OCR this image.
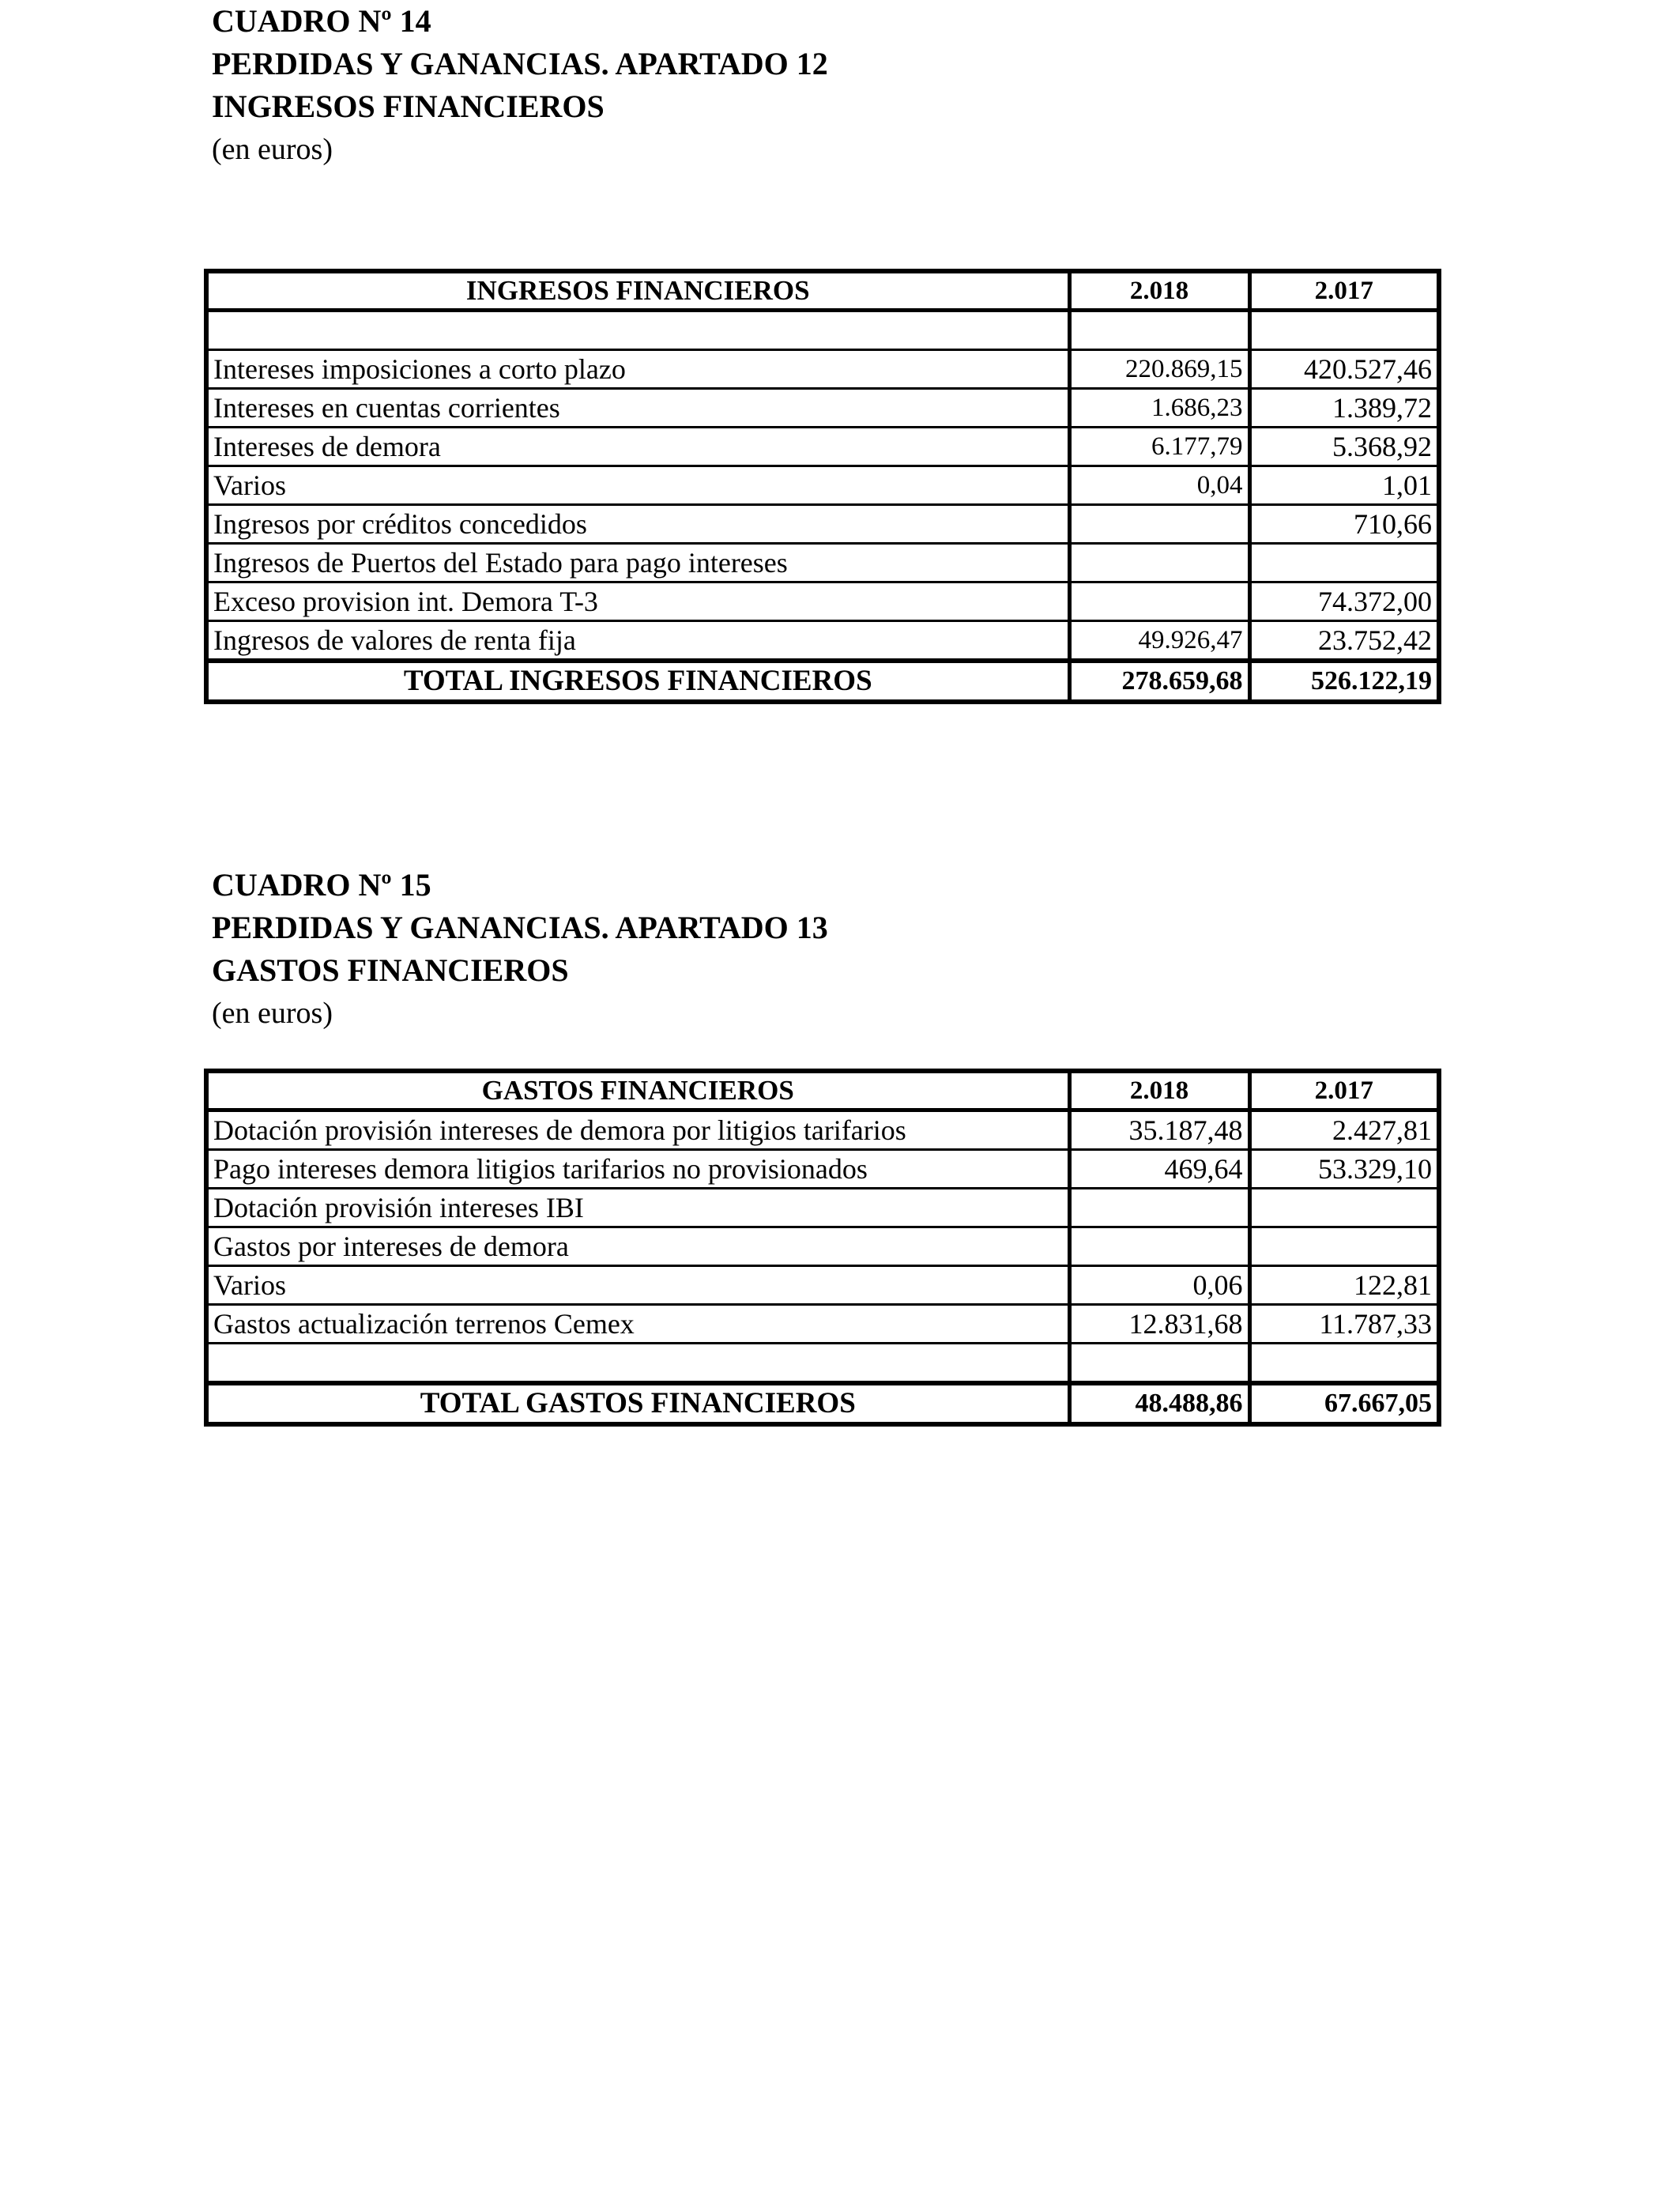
CUADRO Nº 14
PERDIDAS Y GANANCIAS. APARTADO 12
INGRESOS FINANCIEROS
(en euros)
INGRESOS FINANCIEROS	2.018	2.017

Intereses imposiciones a corto plazo	220.869,15	420.527,46
Intereses en cuentas corrientes	1.686,23	1.389,72
Intereses de demora	6.177,79	5.368,92
Varios	0,04	1,01
Ingresos por créditos concedidos		710,66
Ingresos de Puertos del Estado para pago intereses		
Exceso provision int. Demora T-3		74.372,00
Ingresos de valores de renta fija	49.926,47	23.752,42
TOTAL INGRESOS FINANCIEROS	278.659,68	526.122,19
CUADRO Nº 15
PERDIDAS Y GANANCIAS. APARTADO 13
GASTOS FINANCIEROS
(en euros)
GASTOS FINANCIEROS	2.018	2.017
Dotación provisión intereses de demora por litigios tarifarios	35.187,48	2.427,81
Pago intereses demora litigios tarifarios no provisionados	469,64	53.329,10
Dotación provisión intereses IBI		
Gastos por intereses de demora		
Varios	0,06	122,81
Gastos actualización terrenos Cemex	12.831,68	11.787,33

TOTAL GASTOS FINANCIEROS	48.488,86	67.667,05
